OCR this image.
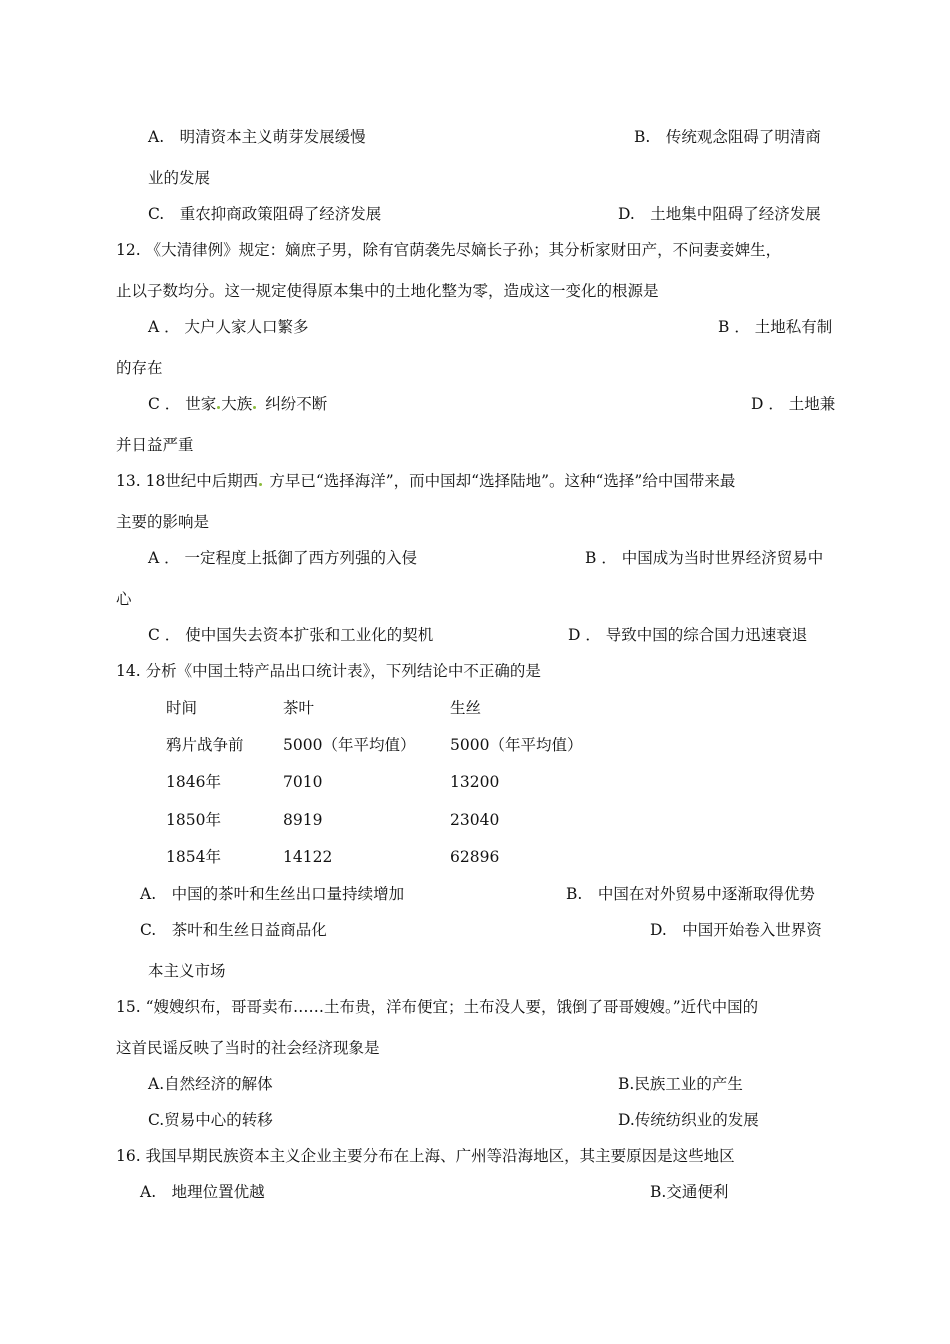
A.　明清资本主义萌芽发展缓慢	B.　传统观念阻碍了明清商
业的发展
C.　重农抑商政策阻碍了经济发展	D.　土地集中阻碍了经济发展
12. 《大清律例》规定：嫡庶子男，除有官荫袭先尽嫡长子孙；其分析家财田产，不问妻妾婢生，
止以子数均分。这一规定使得原本集中的土地化整为零，造成这一变化的根源是
A ． 大户人家人口繁多	B ． 土地私有制
的存在
C ． 世家 大族 纠纷不断	D ． 土地兼
并日益严重
13. 18世纪中后期西 方早已“选择海洋”，而中国却“选择陆地”。这种“选择”给中国带来最
主要的影响是
A ． 一定程度上抵御了西方列强的入侵	B ． 中国成为当时世界经济贸易中
心
C ． 使中国失去资本扩张和工业化的契机	D ． 导致中国的综合国力迅速衰退
14. 分析《中国土特产品出口统计表》，下列结论中不正确的是
时间	茶叶	生丝
鸦片战争前	5000（年平均值） 5000（年平均值）
1846年	7010	13200
1850年	8919	23040
1854年	14122	62896
A.　中国的茶叶和生丝出口量持续增加	B.　中国在对外贸易中逐渐取得优势
C.　茶叶和生丝日益商品化	D.　中国开始卷入世界资
本主义市场
15. “嫂嫂织布，哥哥卖布……土布贵，洋布便宜；土布没人要，饿倒了哥哥嫂嫂。”近代中国的
这首民谣反映了当时的社会经济现象是
A.自然经济的解体	B.民族工业的产生
C.贸易中心的转移	D.传统纺织业的发展
16. 我国早期民族资本主义企业主要分布在上海、广州等沿海地区，其主要原因是这些地区
A.　地理位置优越	B.交通便利
